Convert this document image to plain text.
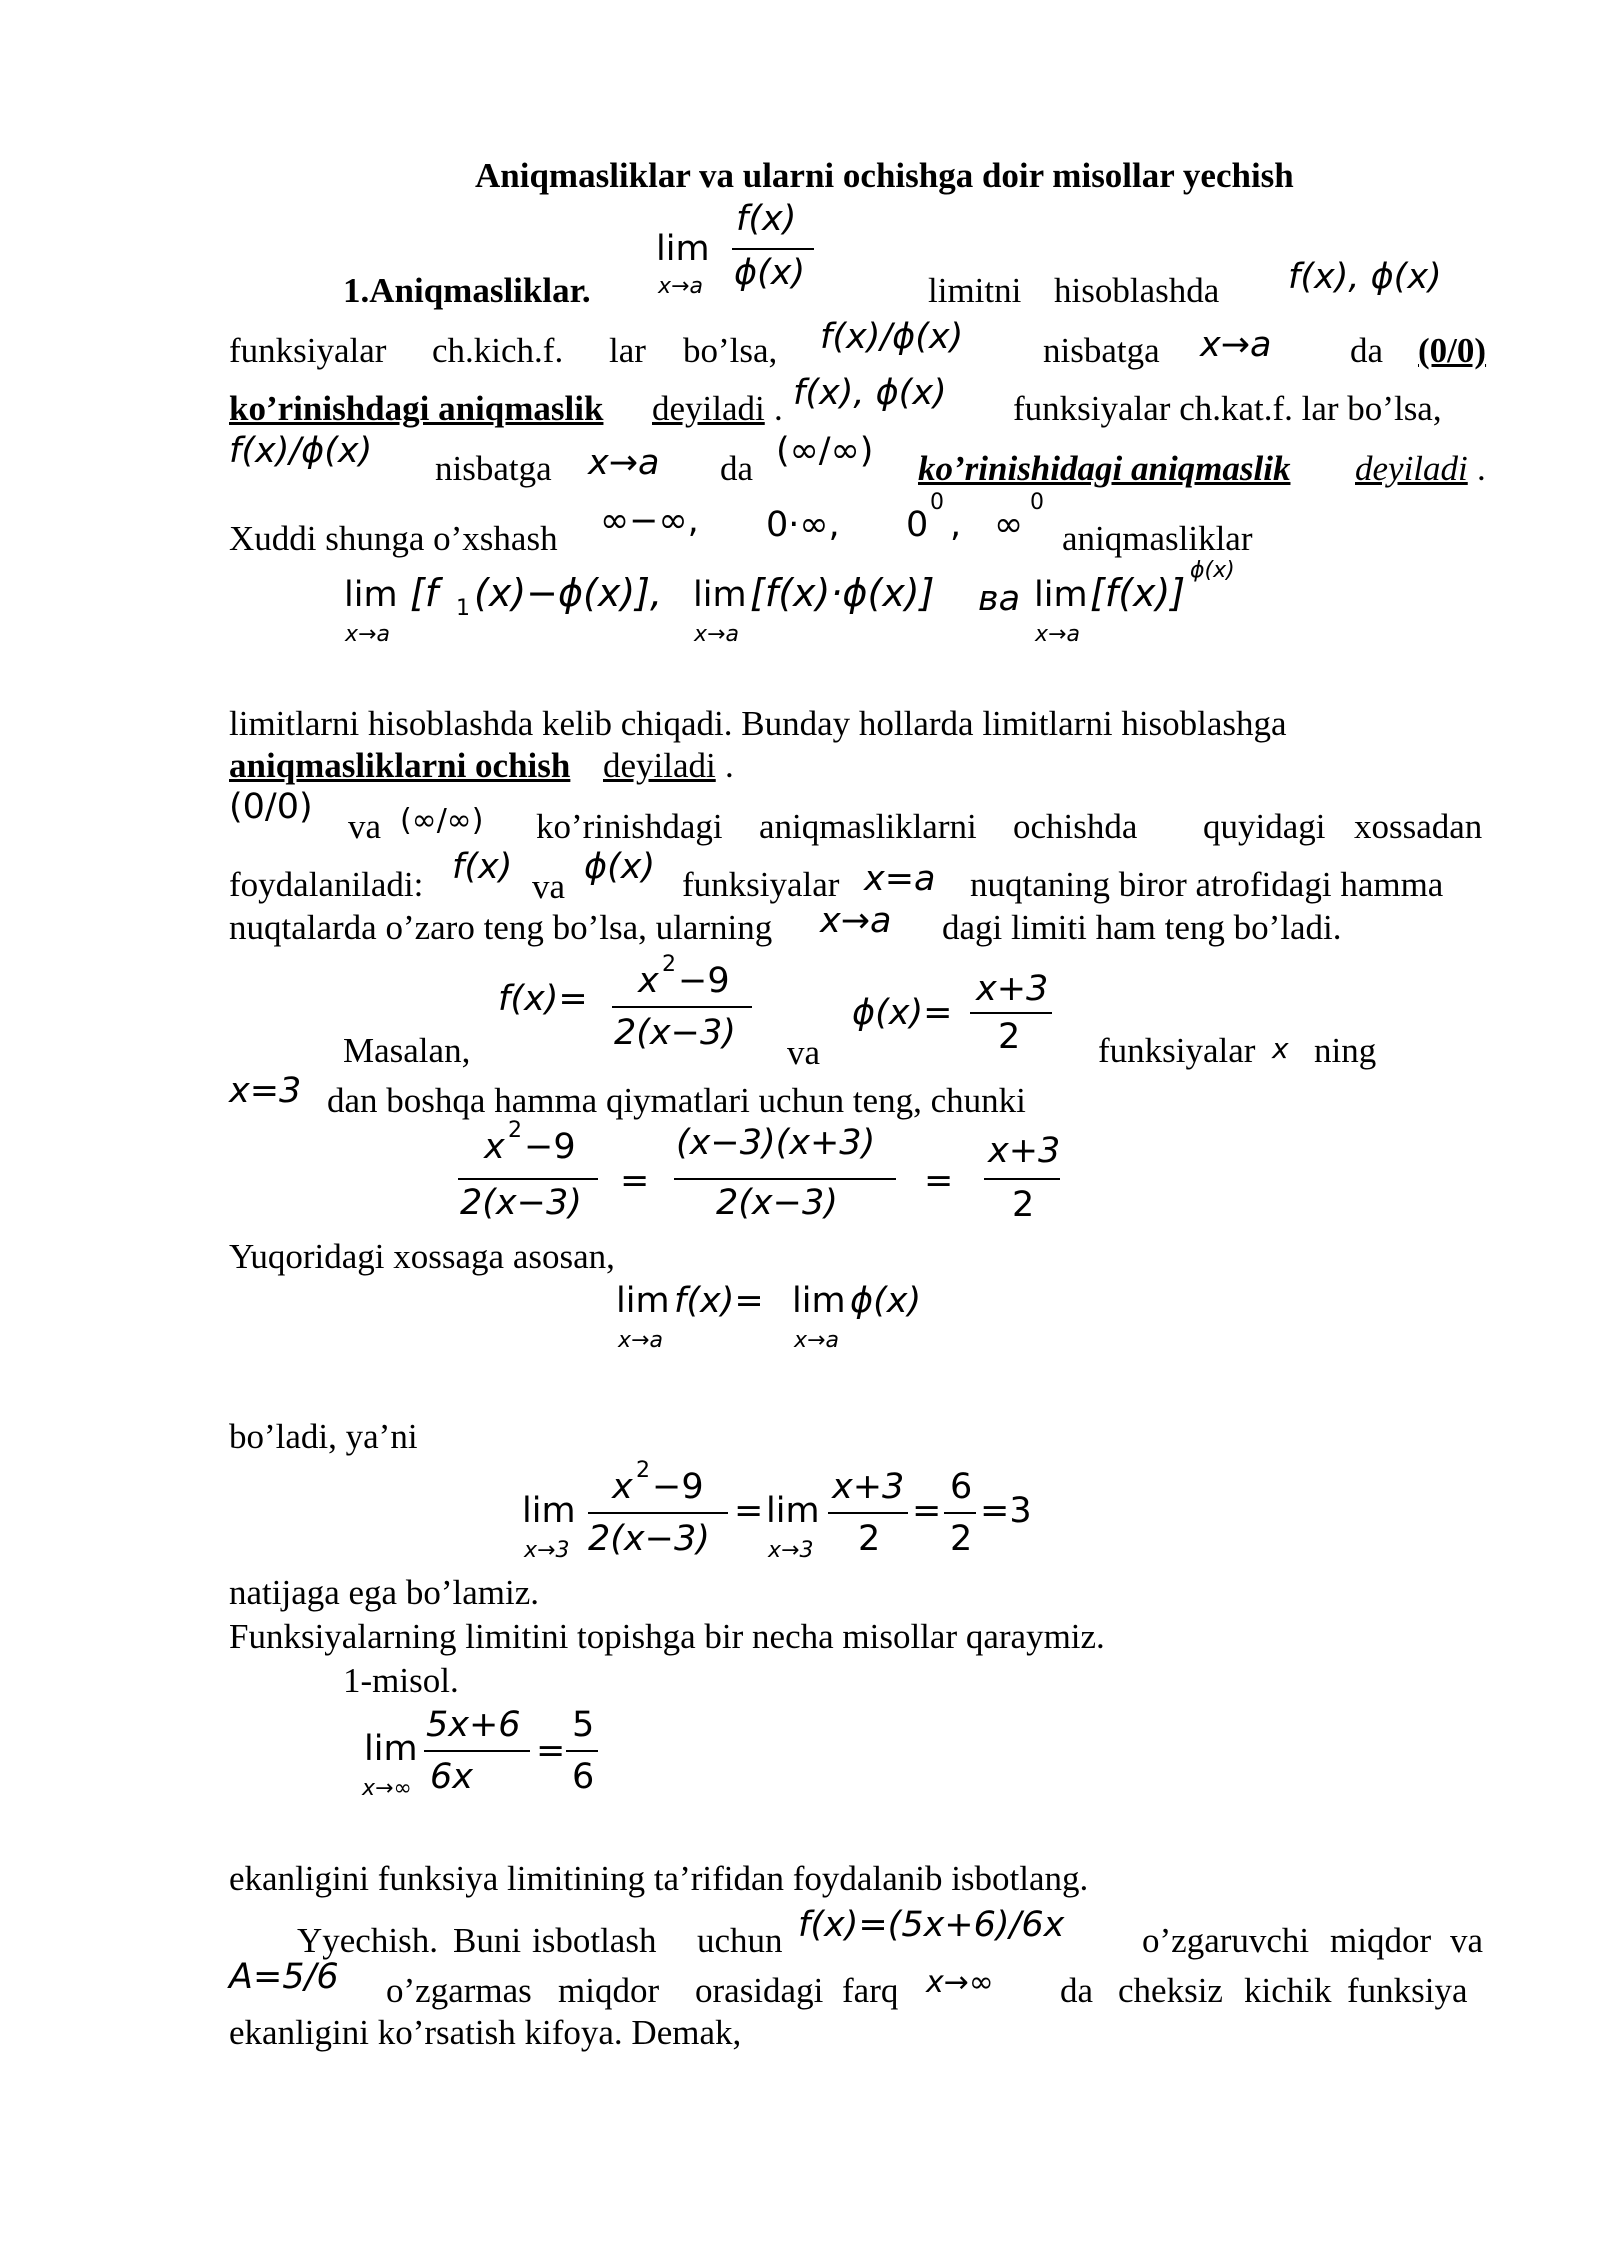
Aniqmasliklar va ularni ochishga doir misollar yechish
1.Aniqmasliklar.
lim
x→a
f(x)
ϕ(x)	limitni hisoblashda f(x), ϕ(x)
funksiyalar ch.kich.f. lar bo’lsa, f(x)/ϕ(x) nisbatga x→a da (0/0)
ko’rinishdagi aniqmaslik deyiladi . f(x), ϕ(x) funksiyalar ch.kat.f. lar bo’lsa,
f(x)/ϕ(x) nisbatga x→a da (∞/∞) ko’rinishidagi aniqmaslik deyiladi .
Xuddi shunga o’xshash ∞−∞, 0·∞, 0
0
, ∞
0
aniqmasliklar
lim
x→a
[f 1 (x)−ϕ(x)], lim
x→a
[f(x)·ϕ(x)] ва lim
x→a
[f(x)]
ϕ(x)
limitlarni hisoblashda kelib chiqadi. Bunday hollarda limitlarni hisoblashga
aniqmasliklarni ochish deyiladi .
(0/0) va (∞/∞) ko’rinishdagi aniqmasliklarni ochishda quyidagi xossadan
foydalaniladi: f(x) va ϕ(x) funksiyalar x=a nuqtaning biror atrofidagi hamma
nuqtalarda o’zaro teng bo’lsa, ularning x→a dagi limiti ham teng bo’ladi.
Masalan,
f(x)= x 2 −9
2(x−3) va
ϕ(x)=
x+3
2 funksiyalar x ning
x=3 dan boshqa hamma qiymatlari uchun teng, chunki
x 2 −9
2(x−3)
=
(x−3)(x+3)
2(x−3)
=
x+3
2
Yuqoridagi xossaga asosan,
lim f(x)= lim ϕ(x)
x→a	x→a
bo’ladi, ya’ni
lim
x→3
x 2 −9
2(x−3)
= lim
x→3
x+3
2
=
6
2
=3
natijaga ega bo’lamiz.
Funksiyalarning limitini topishga bir necha misollar qaraymiz.
1-misol.
lim
x→∞
5x+6
6x
=
5
6
ekanligini funksiya limitining ta’rifidan foydalanib isbotlang.
Yyechish. Buni isbotlash uchun f(x)=(5x+6)/6x o’zgaruvchi miqdor va
A=5/6 o’zgarmas miqdor orasidagi farq x→∞ da cheksiz kichik funksiya
ekanligini ko’rsatish kifoya. Demak,
